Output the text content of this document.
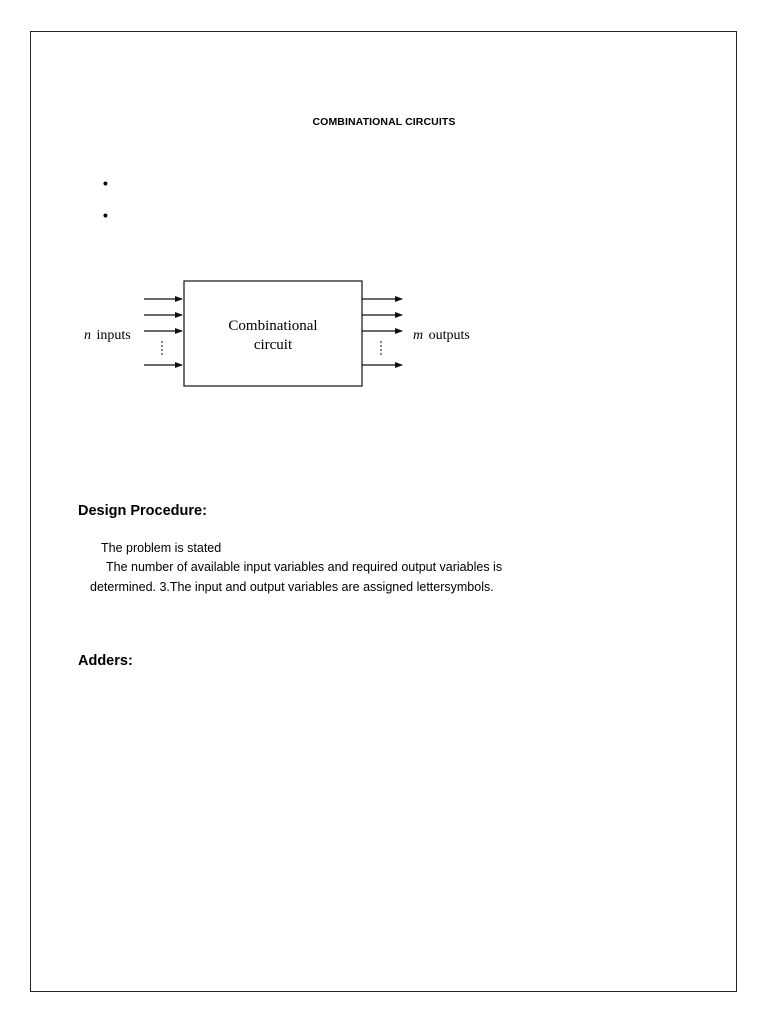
COMBINATIONAL CIRCUITS
•
•
Combinational
circuit
n inputs	m outputs
Design Procedure:
The problem is stated
The number of available input variables and required output variables is
determined. 3.The input and output variables are assigned lettersymbols.
Adders:
